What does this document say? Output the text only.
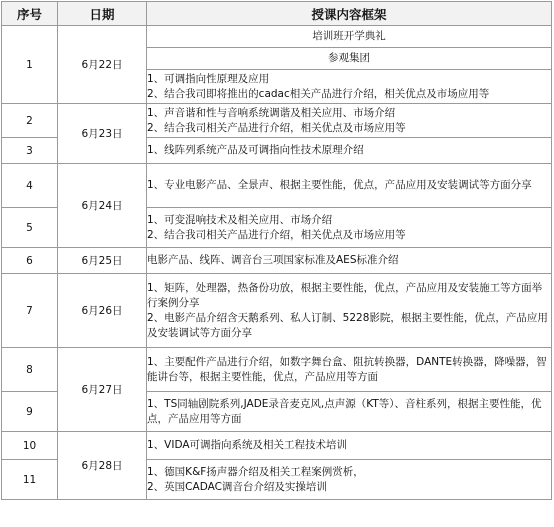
序号	日期	授课内容框架
1	6月22日	培训班开学典礼

		参观集团

		1、可调指向性原理及应用
2、结合我司即将推出的cadac相关产品进行介绍，相关优点及市场应用等

2	6月23日	1、声音谐和性与音响系统调谐及相关应用、市场介绍
2、结合我司相关产品进行介绍，相关优点及市场应用等

3		1、线阵列系统产品及可调指向性技术原理介绍

4	6月24日	1、专业电影产品、全景声、根据主要性能，优点，产品应用及安装调试等方面分享

5		1、可变混响技术及相关应用、市场介绍
2、结合我司相关产品进行介绍，相关优点及市场应用等

6	6月25日	电影产品、线阵、调音台三项国家标准及AES标准介绍

7	6月26日	1、矩阵，处理器，热备份功放，根据主要性能，优点，产品应用及安装施工等方面举行案例分享
2、电影产品介绍含天鹅系列、私人订制、5228影院，根据主要性能，优点，产品应用及安装调试等方面分享

8	6月27日	1、主要配件产品进行介绍，如数字舞台盒、阻抗转换器，DANTE转换器，降噪器，智能讲台等，根据主要性能，优点，产品应用等方面

9		1、TS同轴剧院系列,JADE录音麦克风,点声源（KT等）、音柱系列，根据主要性能，优点，产品应用等方面

10	6月28日	1、VIDA可调指向系统及相关工程技术培训

11		1、德国K&F扬声器介绍及相关工程案例赏析，
2、英国CADAC调音台介绍及实操培训
